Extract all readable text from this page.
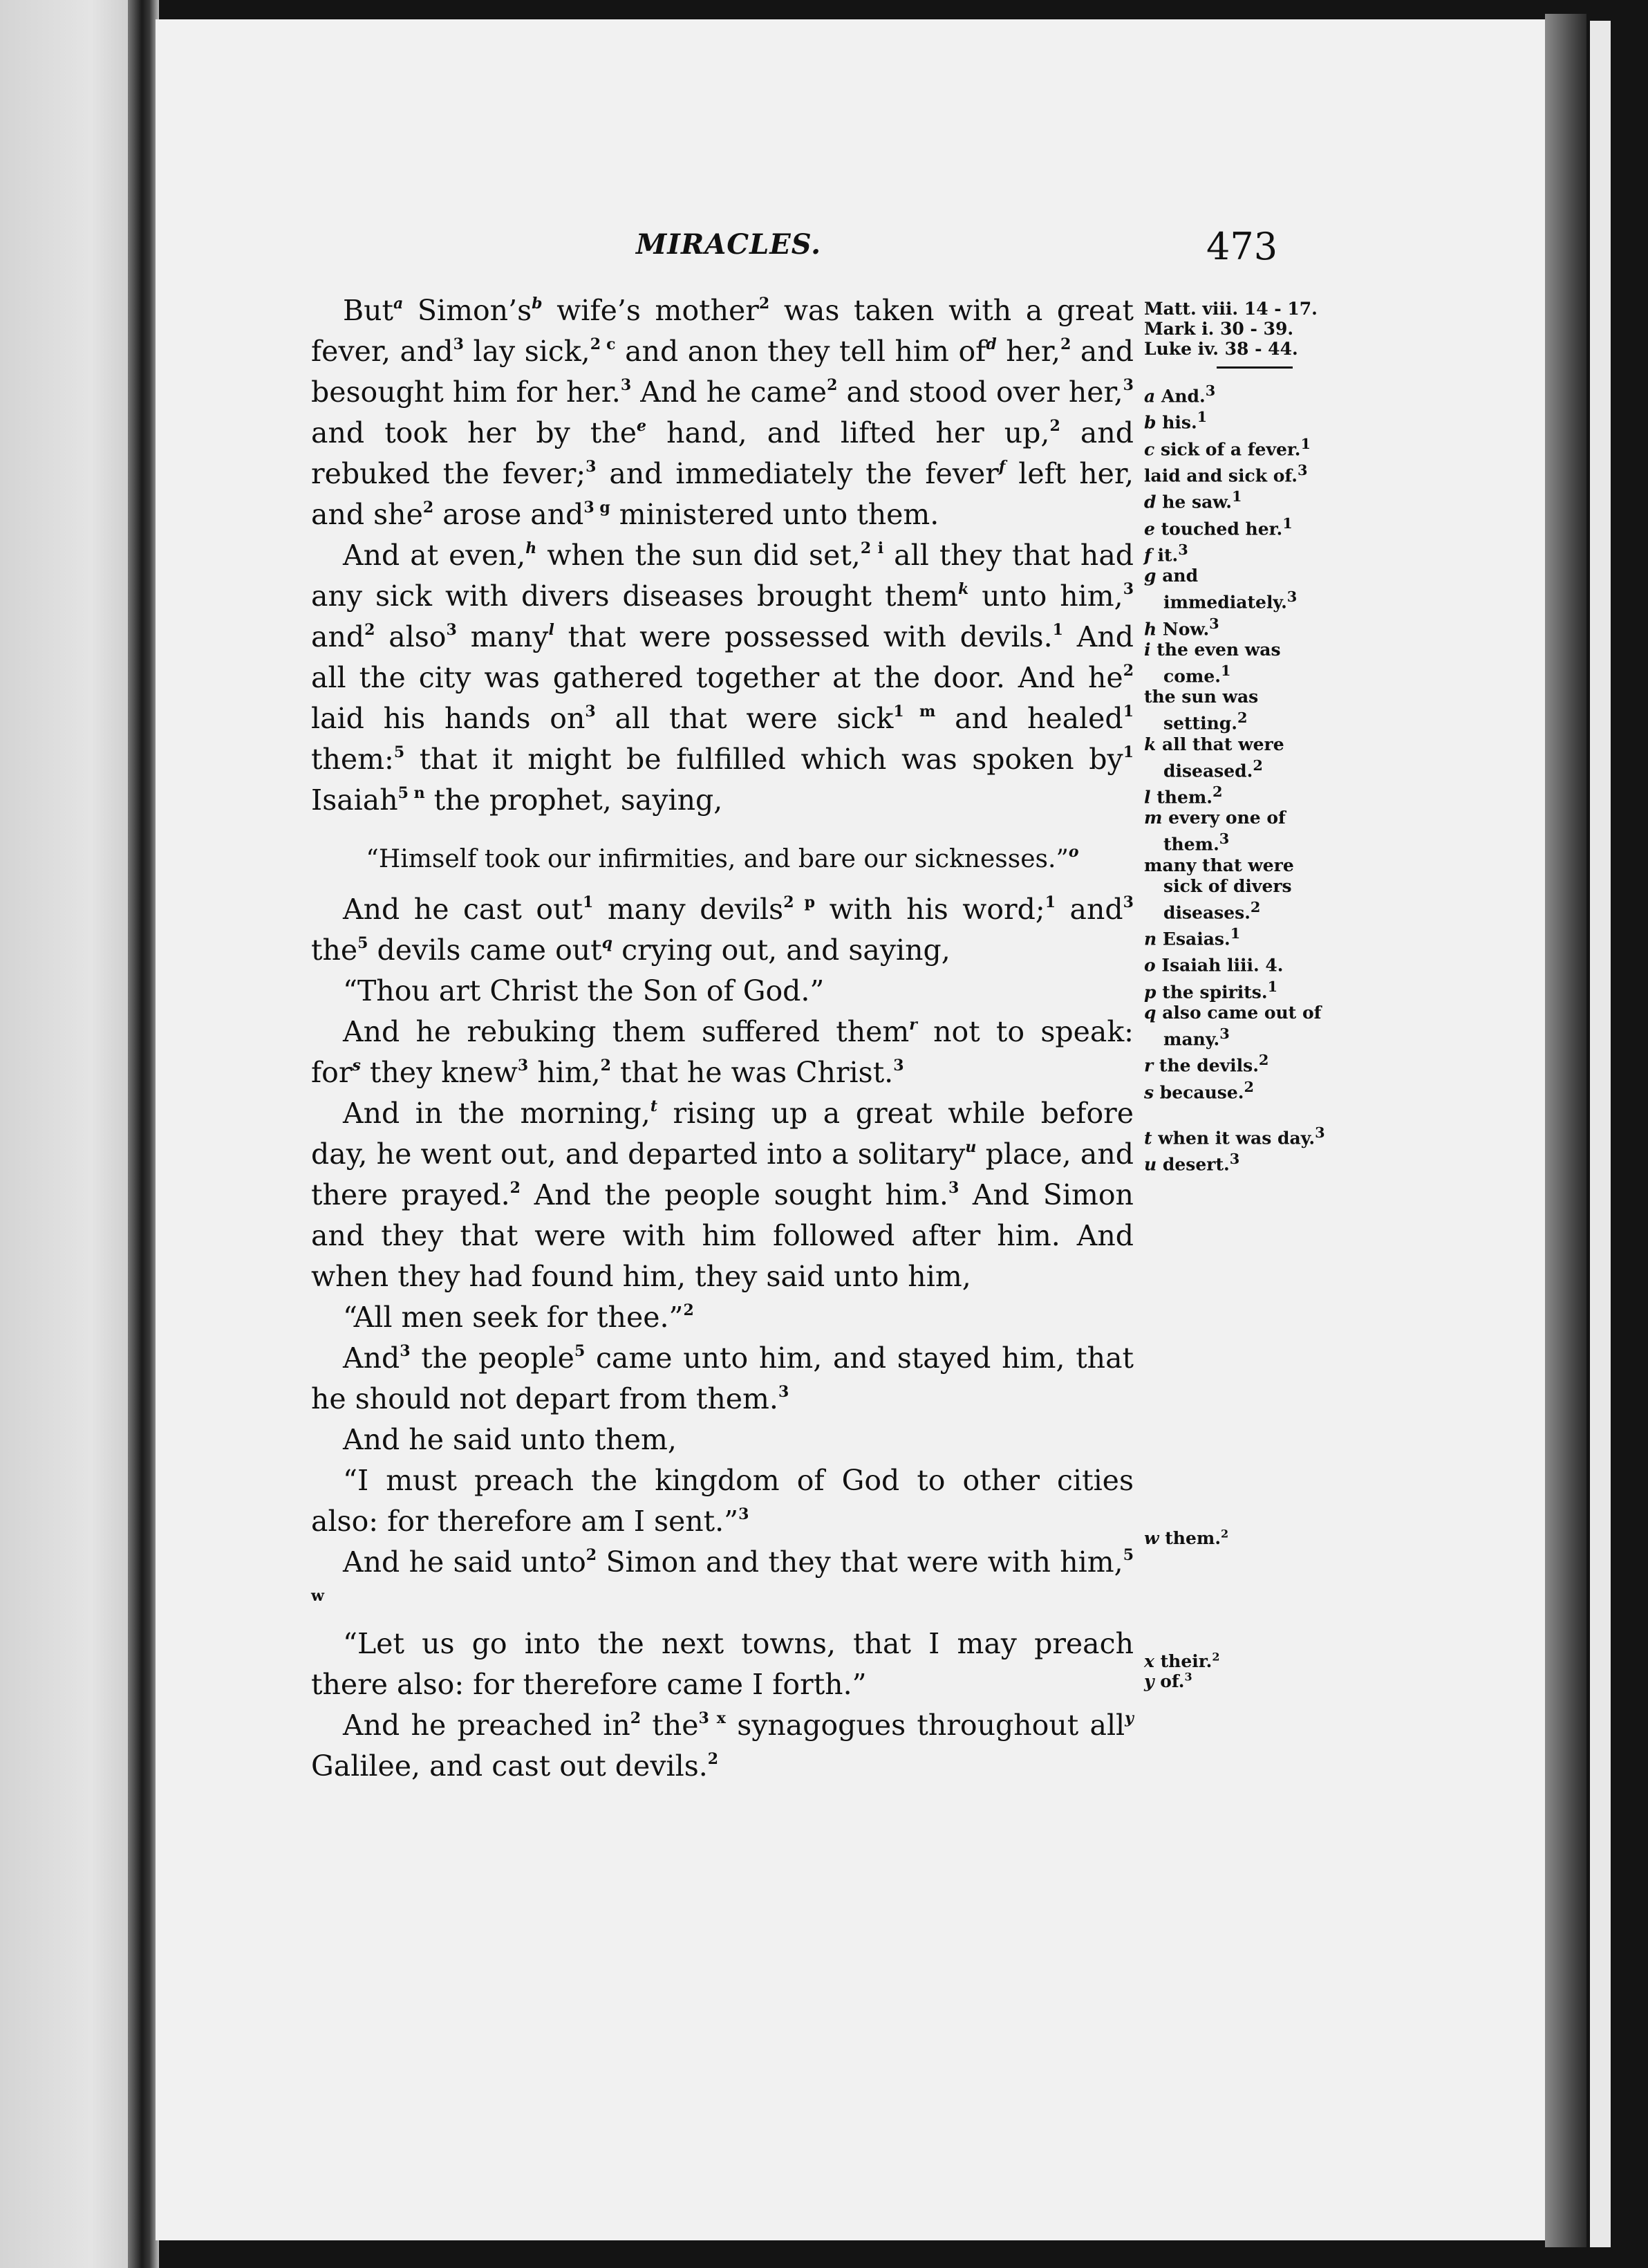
MIRACLES.	473
Matt. viii. 14 - 17.
Mark i. 30 - 39.
Luke iv. 38 - 44.
a And.$^3$
b his.$^1$
c sick of a fever.$^1$
laid and sick of.$^3$
d he saw.$^1$
e touched her.$^1$
f it.$^3$
g and immediately.$^3$
h Now.$^3$
i the even was come.$^1$
the sun was setting.$^2$
k all that were diseased.$^2$
l them.$^2$
m every one of them.$^3$
many that were sick of divers diseases.$^2$
n Esaias.$^1$
o Isaiah liii. 4.
p the spirits.$^1$
q also came out of many.$^3$
r the devils.$^2$
s because.$^2$
t when it was day.$^3$
u desert.$^3$
w them.$^2$
x their.$^2$
y of.$^3$

But$^a$ $Simon’s^b$ wife’s mother$^2$ was taken with a great fever, and$^3$ lay sick,$^{2 c}$ and anon they tell him $of^d$ her,$^2$ and besought him for her.$^3$ And he came$^2$ and stood over her,$^3$ and took her by the$^e$ hand, and lifted her up,$^2$ and rebuked the fever;$^3$ and immediately the fever$^f$ left her, and she$^2$ arose and$^{3 g}$ ministered unto them.

And at even,$^h$ when the sun did set,$^{2 i}$ all they that had any sick with divers diseases brought them$^k$ unto him,$^3$ and$^2$ also$^3$ many$^l$ that were possessed with devils.$^1$ And all the city was gathered together at the door. And $he^2$ laid his hands $on^3$ all that were sick$^{1 m}$ and healed$^1$ them:$^5$ that it might be fulfilled which was spoken $by^1$ Isaiah$^{5 n}$ the prophet, saying,

“Himself took our infirmities, and bare our sicknesses.”$^o$

And he cast out$^1$ many devils$^{2 p}$ with his word;$^1$ and$^3$ the$^5$ devils came out$^q$ crying out, and saying,

“Thou art Christ the Son of God.”

And he rebuking them suffered them$^r$ not to speak: for$^s$ they knew$^3$ him,$^2$ that he was Christ.$^3$

And in the morning,$^t$ rising up a great while before day, he went out, and departed into a solitary$^u$ place, and there prayed.$^2$ And the people sought him.$^3$ And Simon and they that were with him followed after him. And when they had found him, they said unto him,

“All men seek for thee.”$^2$

And$^3$ the people$^5$ came unto him, and stayed him, that he should not depart from them.$^3$

And he said unto them,

“I must preach the kingdom of God to other cities also: for therefore am I sent.”$^3$

And he said unto$^2$ Simon and they that were with him,$^{5 w}$

“Let us go into the next towns, that I may preach there also: for therefore came I forth.”

And he preached $in^2$ the$^{3 x}$ synagogues throughout all$^y$ Galilee, and cast out devils.$^2$
